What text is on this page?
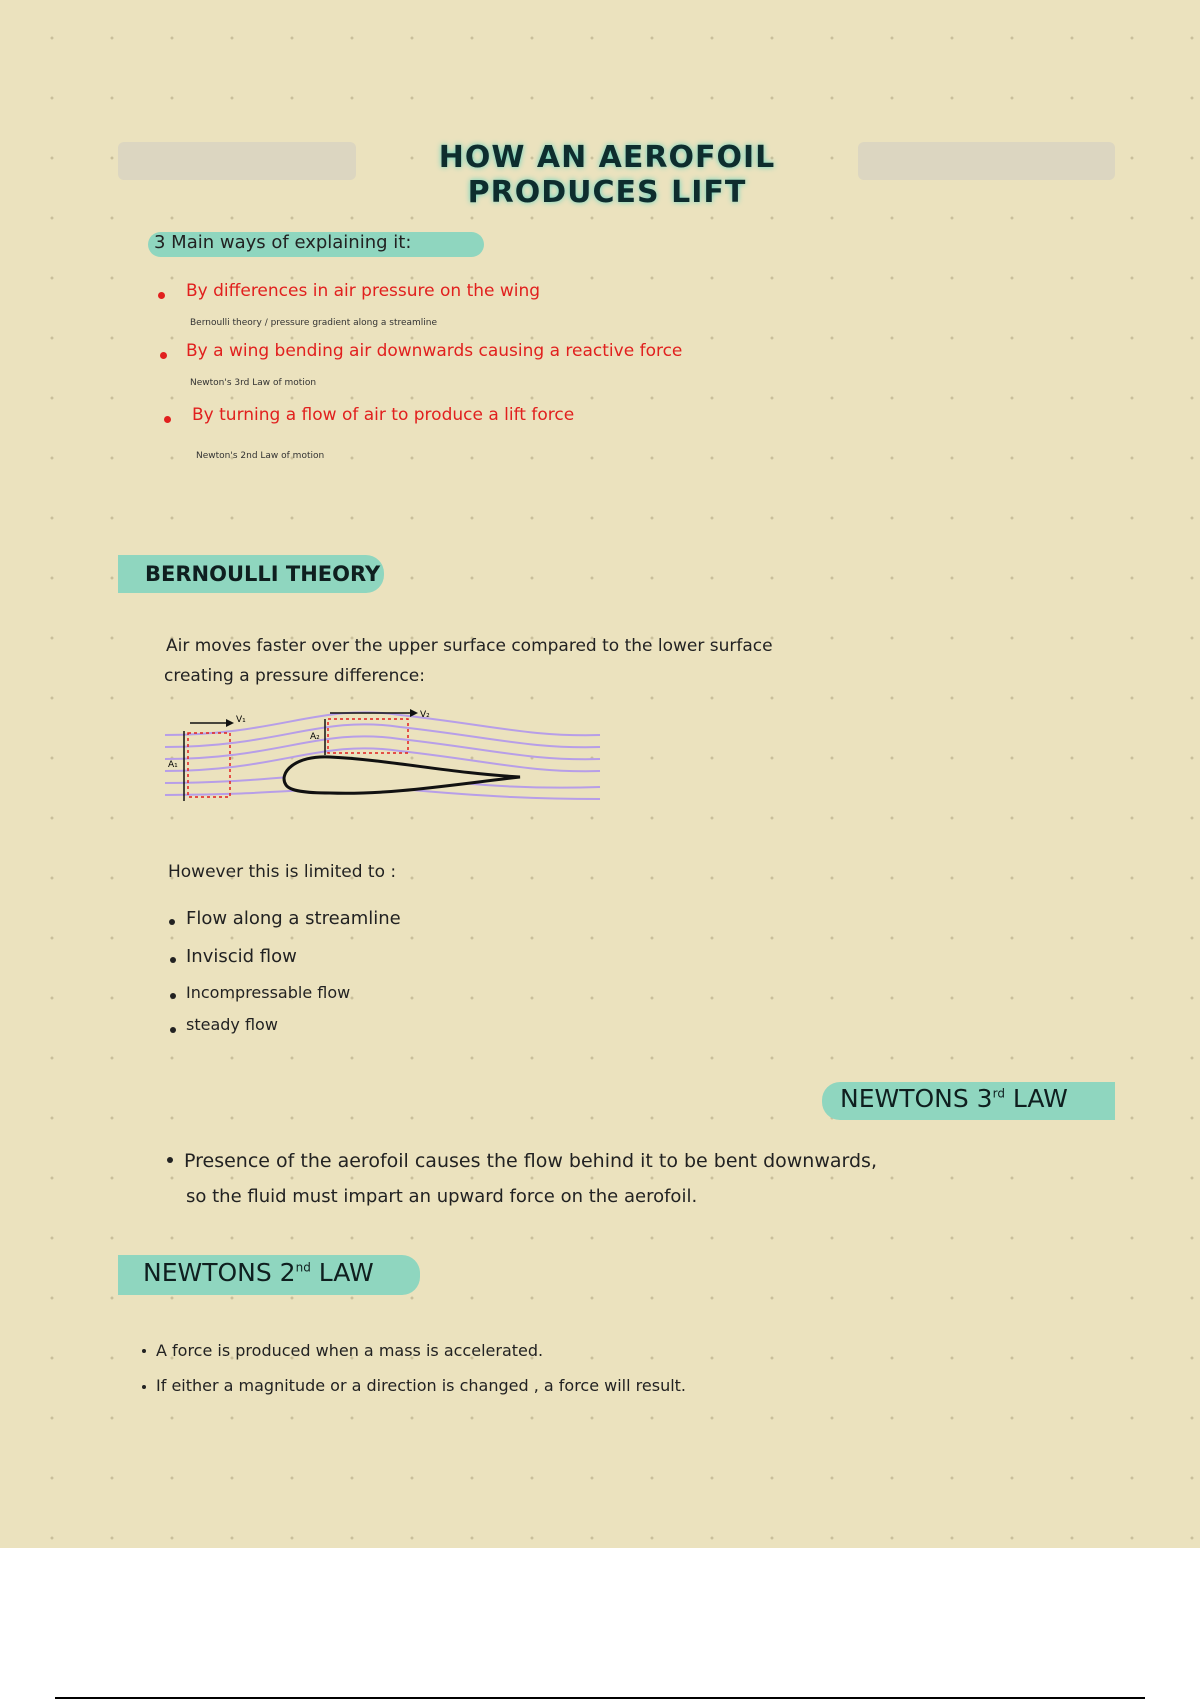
HOW AN AEROFOIL PRODUCES LIFT
3 Main ways of explaining it:
By differences in air pressure on the wing
Bernoulli theory / pressure gradient along a streamline
By a wing bending air downwards causing a reactive force
Newton's 3rd Law of motion
By turning a flow of air to produce a lift force
Newton's 2nd Law of motion
BERNOULLI THEORY
Air moves faster over the upper surface compared to the lower surface
creating a pressure difference:
V₁	V₂
A₁
A₂
However this is limited to :
Flow along a streamline
Inviscid flow
Incompressable flow
steady flow
NEWTONS 3rd LAW
Presence of the aerofoil causes the flow behind it to be bent downwards,
so the fluid must impart an upward force on the aerofoil.
NEWTONS 2nd LAW
A force is produced when a mass is accelerated.
If either a magnitude or a direction is changed , a force will result.
